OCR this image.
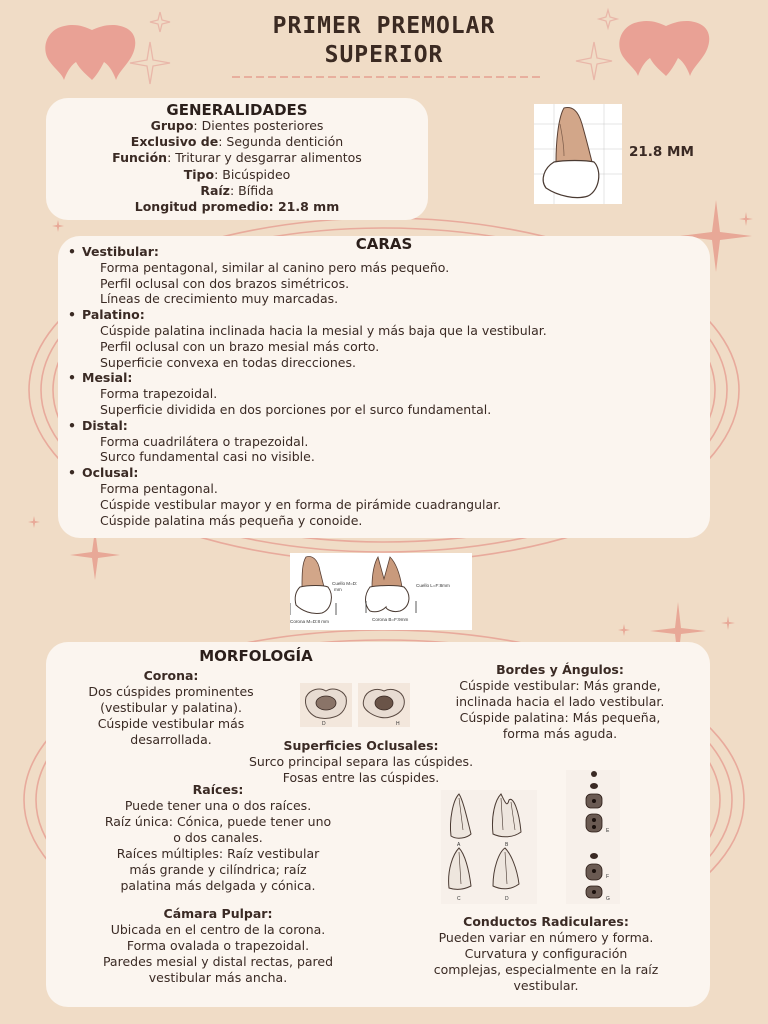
PRIMER PREMOLAR
SUPERIOR
GENERALIDADES
Grupo: Dientes posteriores
Exclusivo de: Segunda dentición
Función: Triturar y desgarrar alimentos
Tipo: Bicúspideo
Raíz: Bífida
Longitud promedio: 21.8 mm
21.8 MM
CARAS
• Vestibular:
Forma pentagonal, similar al canino pero más pequeño.
Perfil oclusal con dos brazos simétricos.
Líneas de crecimiento muy marcadas.
• Palatino:
Cúspide palatina inclinada hacia la mesial y más baja que la vestibular.
Perfil oclusal con un brazo mesial más corto.
Superficie convexa en todas direcciones.
• Mesial:
Forma trapezoidal.
Superficie dividida en dos porciones por el surco fundamental.
• Distal:
Forma cuadrilátera o trapezoidal.
Surco fundamental casi no visible.
• Oclusal:
Forma pentagonal.
Cúspide vestibular mayor y en forma de pirámide cuadrangular.
Cúspide palatina más pequeña y conoide.
Cuello M=D:
mm
Corona M=D:8 mm
Cuello L=F:8mm
Corona B=F:9mm
MORFOLOGÍA
Corona:
Dos cúspides prominentes
(vestibular y palatina).
Cúspide vestibular más
desarrollada.
Bordes y Ángulos:
Cúspide vestibular: Más grande,
inclinada hacia el lado vestibular.
Cúspide palatina: Más pequeña,
forma más aguda.
Superficies Oclusales:
Surco principal separa las cúspides.
Fosas entre las cúspides.
Raíces:
Puede tener una o dos raíces.
Raíz única: Cónica, puede tener uno
o dos canales.
Raíces múltiples: Raíz vestibular
más grande y cilíndrica; raíz
palatina más delgada y cónica.
Cámara Pulpar:
Ubicada en el centro de la corona.
Forma ovalada o trapezoidal.
Paredes mesial y distal rectas, pared
vestibular más ancha.
Conductos Radiculares:
Pueden variar en número y forma.
Curvatura y configuración
complejas, especialmente en la raíz
vestibular.
D	H
A	B
C	D
E
F
G
